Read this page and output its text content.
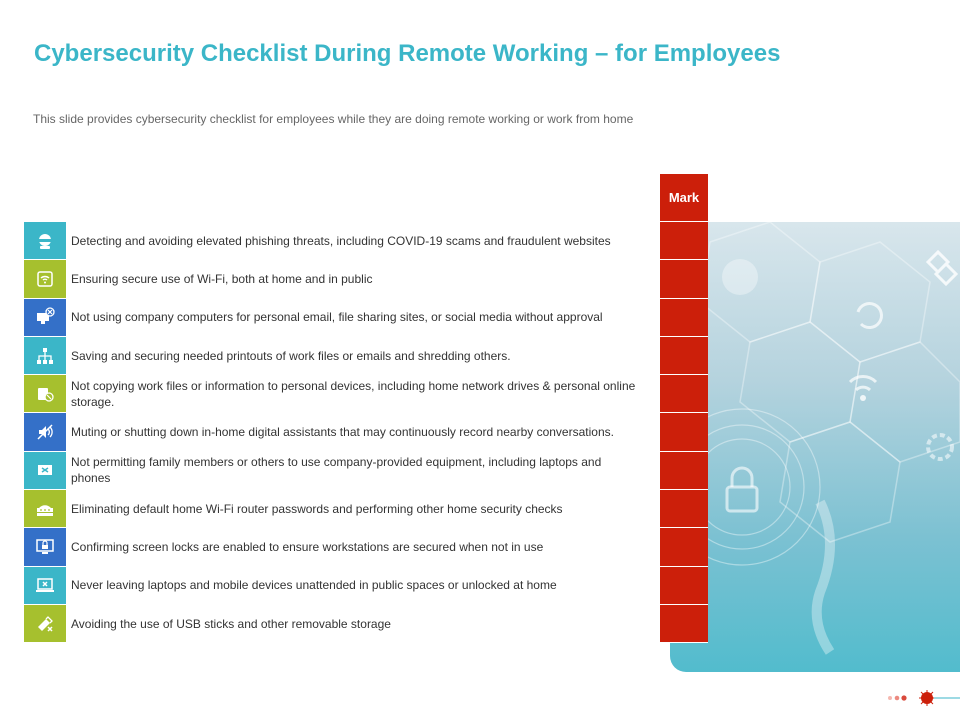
Cybersecurity Checklist During Remote Working – for Employees
This slide provides cybersecurity checklist for employees while they are doing remote working or work from home
Mark
Detecting and avoiding elevated phishing threats, including COVID-19 scams and fraudulent websites
Ensuring secure use of Wi-Fi, both at home and in public
Not using company computers for personal email, file sharing sites, or social media without approval
Saving and securing needed printouts of work files or emails and shredding others.
Not copying work files or information to personal devices, including home network drives & personal online storage.
Muting or shutting down in-home digital assistants that may continuously record nearby conversations.
Not permitting family members or others to use company-provided equipment, including laptops and phones
Eliminating default home Wi-Fi router passwords and performing other home security checks
Confirming screen locks are enabled to ensure workstations are secured when not in use
Never leaving laptops and mobile devices unattended in public spaces or unlocked at home
Avoiding the use of USB sticks and other removable storage
